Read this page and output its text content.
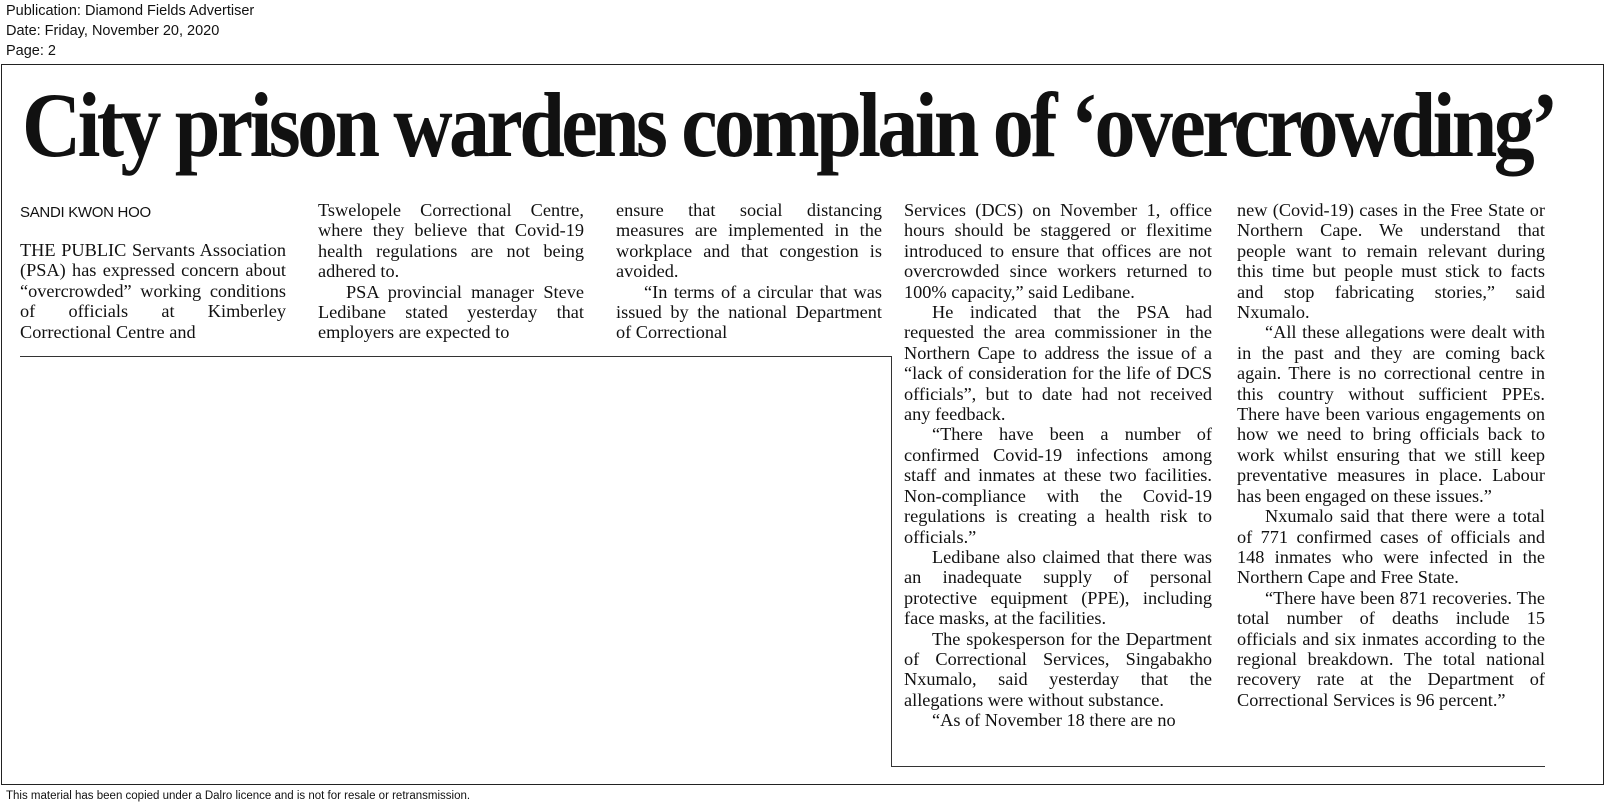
Publication: Diamond Fields Advertiser
Date: Friday, November 20, 2020
Page: 2
City prison wardens complain of ‘overcrowding’
SANDI KWON HOO

THE PUBLIC Servants Association (PSA) has expressed concern about “overcrowded” working conditions of officials at Kimberley Correctional Centre and

Tswelopele Correctional Centre, where they believe that Covid-19 health regulations are not being adhered to.

PSA provincial manager Steve Ledibane stated yesterday that employers are expected to

ensure that social distancing measures are implemented in the workplace and that congestion is avoided.

“In terms of a circular that was issued by the national Department of Correctional

Services (DCS) on November 1, office hours should be staggered or flexitime introduced to ensure that offices are not overcrowded since workers returned to 100% capacity,” said Ledibane.

He indicated that the PSA had requested the area commissioner in the Northern Cape to address the issue of a “lack of consideration for the life of DCS officials”, but to date had not received any feedback.

“There have been a number of confirmed Covid-19 infections among staff and inmates at these two facilities. Non-compliance with the Covid-19 regulations is creating a health risk to officials.”

Ledibane also claimed that there was an inadequate supply of personal protective equipment (PPE), including face masks, at the facilities.

The spokesperson for the Department of Correctional Services, Singabakho Nxumalo, said yesterday that the allegations were without substance.

“As of November 18 there are no

new (Covid-19) cases in the Free State or Northern Cape. We understand that people want to remain relevant during this time but people must stick to facts and stop fabricating stories,” said Nxumalo.

“All these allegations were dealt with in the past and they are coming back again. There is no correctional centre in this country without sufficient PPEs. There have been various engagements on how we need to bring officials back to work whilst ensuring that we still keep preventative measures in place. Labour has been engaged on these issues.”

Nxumalo said that there were a total of 771 confirmed cases of officials and 148 inmates who were infected in the Northern Cape and Free State.

“There have been 871 recoveries. The total number of deaths include 15 officials and six inmates according to the regional breakdown. The total national recovery rate at the Department of Correctional Services is 96 percent.”

This material has been copied under a Dalro licence and is not for resale or retransmission.
